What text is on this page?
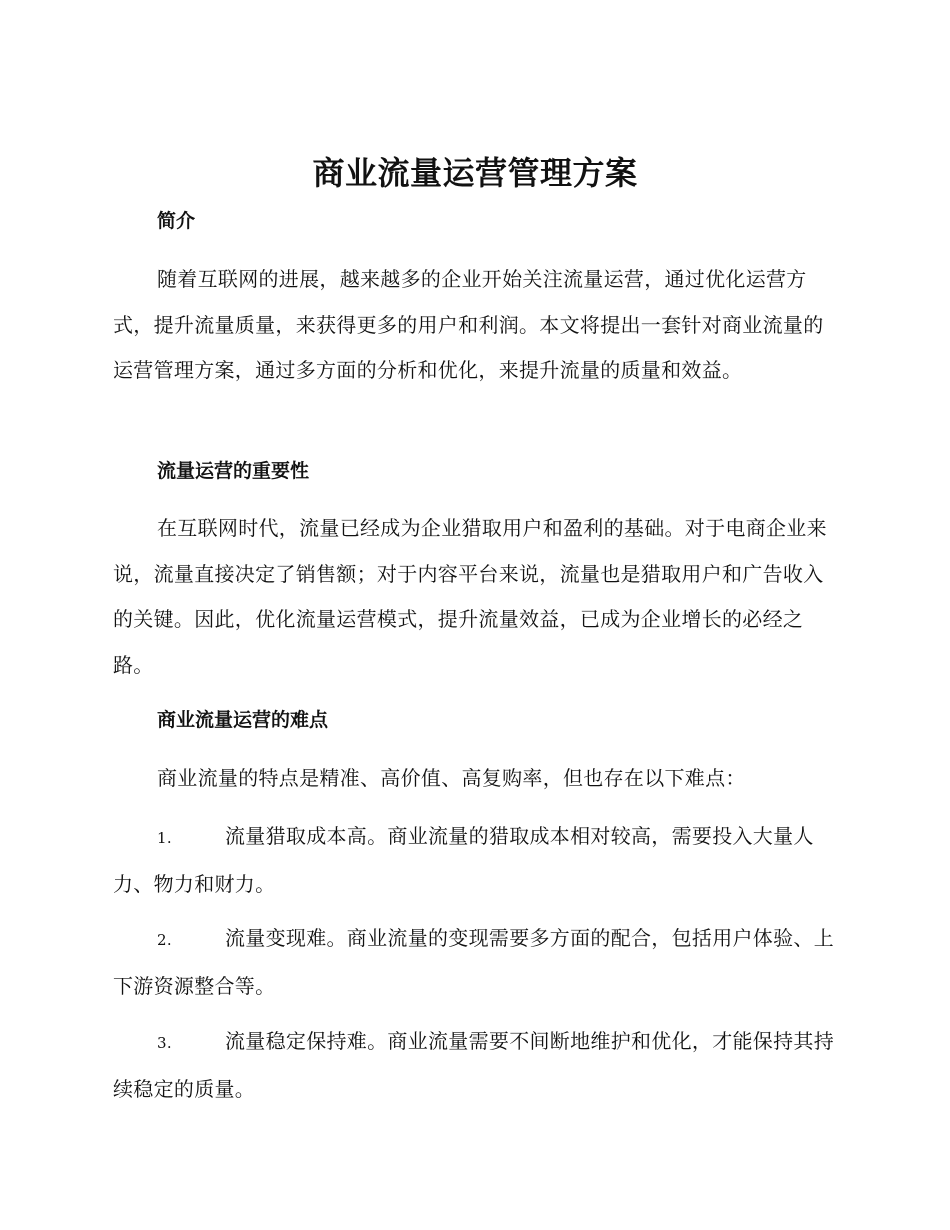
商业流量运营管理方案
简介
随着互联网的进展，越来越多的企业开始关注流量运营，通过优化运营方式，提升流量质量，来获得更多的用户和利润。本文将提出一套针对商业流量的运营管理方案，通过多方面的分析和优化，来提升流量的质量和效益。
流量运营的重要性
在互联网时代，流量已经成为企业猎取用户和盈利的基础。对于电商企业来说，流量直接决定了销售额；对于内容平台来说，流量也是猎取用户和广告收入的关键。因此，优化流量运营模式，提升流量效益，已成为企业增长的必经之路。
商业流量运营的难点
商业流量的特点是精准、高价值、高复购率，但也存在以下难点：
1.	流量猎取成本高。商业流量的猎取成本相对较高，需要投入大量人力、物力和财力。
2.	流量变现难。商业流量的变现需要多方面的配合，包括用户体验、上下游资源整合等。
3.	流量稳定保持难。商业流量需要不间断地维护和优化，才能保持其持续稳定的质量。
